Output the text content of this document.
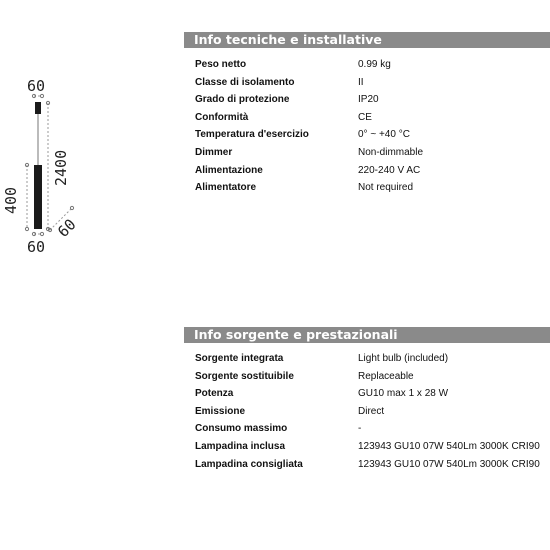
60
2400
400
60
60
Info tecniche e installative
Peso netto	0.99 kg
Classe di isolamento	II
Grado di protezione	IP20
Conformità	CE
Temperatura d'esercizio	0° ~ +40 °C
Dimmer	Non-dimmable
Alimentazione	220-240 V AC
Alimentatore	Not required
Info sorgente e prestazionali
Sorgente integrata	Light bulb (included)
Sorgente sostituibile	Replaceable
Potenza	GU10 max 1 x 28 W
Emissione	Direct
Consumo massimo	-
Lampadina inclusa	123943 GU10 07W 540Lm 3000K CRI90
Lampadina consigliata	123943 GU10 07W 540Lm 3000K CRI90
